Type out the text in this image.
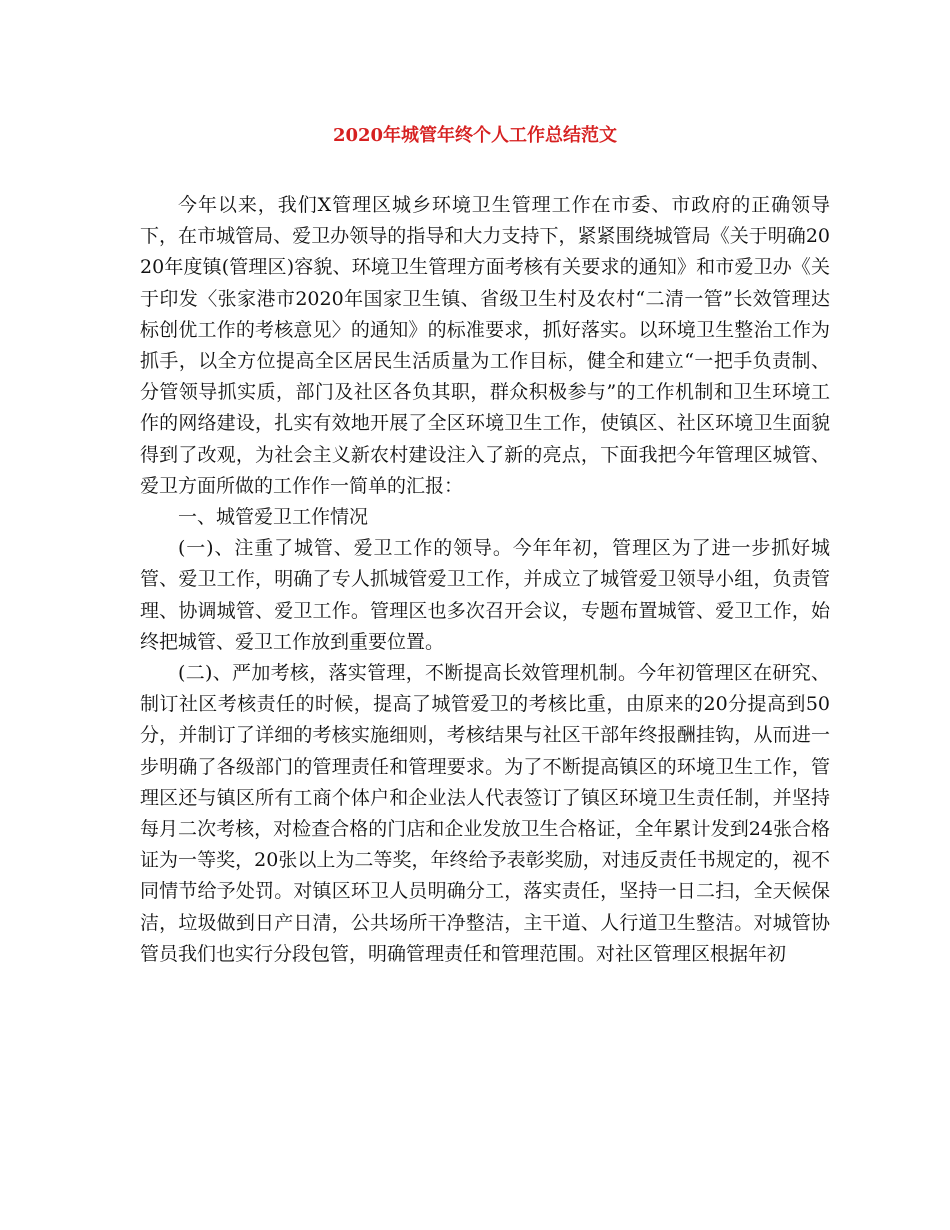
2020年城管年终个人工作总结范文

今年以来，我们X管理区城乡环境卫生管理工作在市委、市政府的正确领导下，在市城管局、爱卫办领导的指导和大力支持下，紧紧围绕城管局《关于明确2020年度镇(管理区)容貌、环境卫生管理方面考核有关要求的通知》和市爱卫办《关于印发〈张家港市2020年国家卫生镇、省级卫生村及农村“二清一管”长效管理达标创优工作的考核意见〉的通知》的标准要求，抓好落实。以环境卫生整治工作为抓手，以全方位提高全区居民生活质量为工作目标，健全和建立“一把手负责制、分管领导抓实质，部门及社区各负其职，群众积极参与”的工作机制和卫生环境工作的网络建设，扎实有效地开展了全区环境卫生工作，使镇区、社区环境卫生面貌得到了改观，为社会主义新农村建设注入了新的亮点，下面我把今年管理区城管、爱卫方面所做的工作作一简单的汇报：

一、城管爱卫工作情况

(一)、注重了城管、爱卫工作的领导。今年年初，管理区为了进一步抓好城管、爱卫工作，明确了专人抓城管爱卫工作，并成立了城管爱卫领导小组，负责管理、协调城管、爱卫工作。管理区也多次召开会议，专题布置城管、爱卫工作，始终把城管、爱卫工作放到重要位置。

(二)、严加考核，落实管理，不断提高长效管理机制。今年初管理区在研究、制订社区考核责任的时候，提高了城管爱卫的考核比重，由原来的20分提高到50分，并制订了详细的考核实施细则，考核结果与社区干部年终报酬挂钩，从而进一步明确了各级部门的管理责任和管理要求。为了不断提高镇区的环境卫生工作，管理区还与镇区所有工商个体户和企业法人代表签订了镇区环境卫生责任制，并坚持每月二次考核，对检查合格的门店和企业发放卫生合格证，全年累计发到24张合格证为一等奖，20张以上为二等奖，年终给予表彰奖励，对违反责任书规定的，视不同情节给予处罚。对镇区环卫人员明确分工，落实责任，坚持一日二扫，全天候保洁，垃圾做到日产日清，公共场所干净整洁，主干道、人行道卫生整洁。对城管协管员我们也实行分段包管，明确管理责任和管理范围。对社区管理区根据年初
